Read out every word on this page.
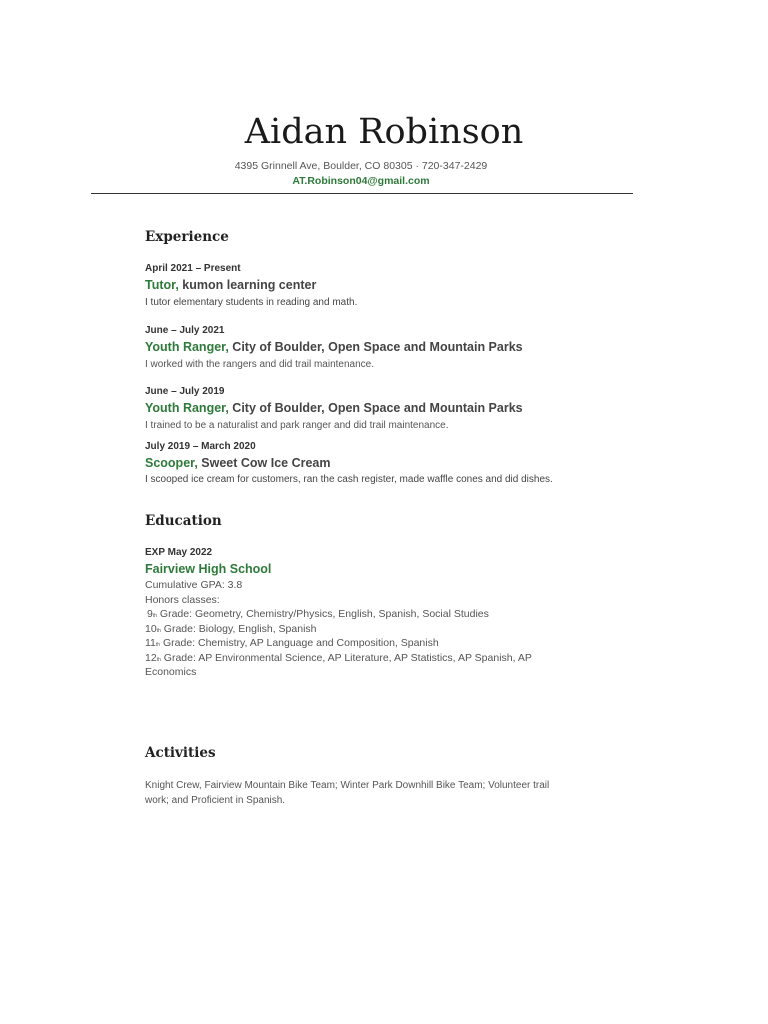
Aidan Robinson
4395 Grinnell Ave, Boulder, CO 80305 · 720-347-2429
AT.Robinson04@gmail.com
Experience
April 2021 – Present
Tutor, kumon learning center
I tutor elementary students in reading and math.
June – July 2021
Youth Ranger, City of Boulder, Open Space and Mountain Parks
I worked with the rangers and did trail maintenance.
June – July 2019
Youth Ranger, City of Boulder, Open Space and Mountain Parks
I trained to be a naturalist and park ranger and did trail maintenance.
July 2019 – March 2020
Scooper, Sweet Cow Ice Cream
I scooped ice cream for customers, ran the cash register, made waffle cones and did dishes.
Education
EXP May 2022
Fairview High School
Cumulative GPA: 3.8
Honors classes:
9th Grade: Geometry, Chemistry/Physics, English, Spanish, Social Studies
10th Grade: Biology, English, Spanish
11th Grade: Chemistry, AP Language and Composition, Spanish
12th Grade: AP Environmental Science, AP Literature, AP Statistics, AP Spanish, AP Economics
Activities
Knight Crew, Fairview Mountain Bike Team; Winter Park Downhill Bike Team; Volunteer trail work; and Proficient in Spanish.
